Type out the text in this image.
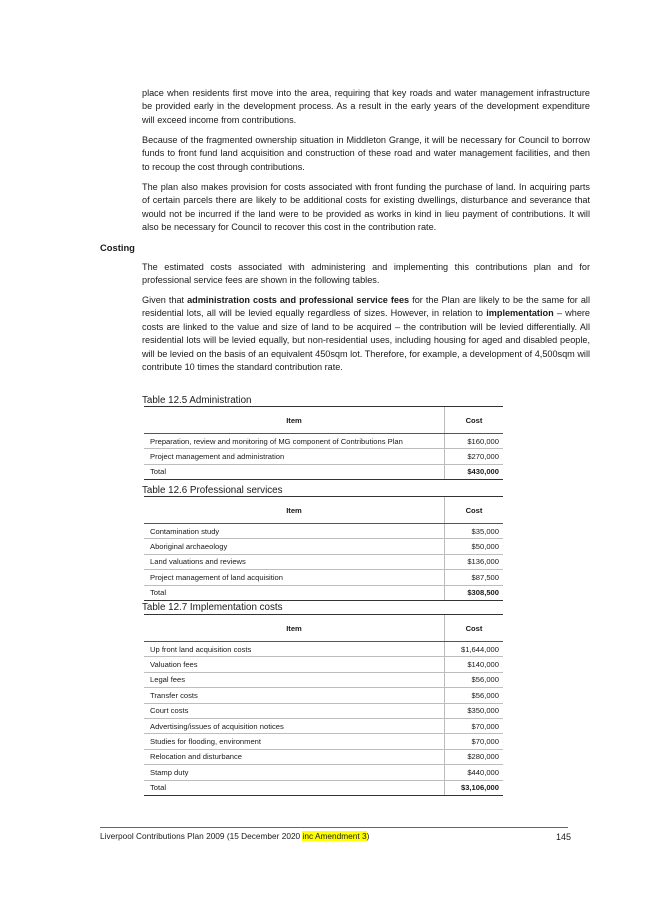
place when residents first move into the area, requiring that key roads and water management infrastructure be provided early in the development process. As a result in the early years of the development expenditure will exceed income from contributions.

Because of the fragmented ownership situation in Middleton Grange, it will be necessary for Council to borrow funds to front fund land acquisition and construction of these road and water management facilities, and then to recoup the cost through contributions.

The plan also makes provision for costs associated with front funding the purchase of land. In acquiring parts of certain parcels there are likely to be additional costs for existing dwellings, disturbance and severance that would not be incurred if the land were to be provided as works in kind in lieu payment of contributions. It will also be necessary for Council to recover this cost in the contribution rate.

Costing

The estimated costs associated with administering and implementing this contributions plan and for professional service fees are shown in the following tables.

Given that administration costs and professional service fees for the Plan are likely to be the same for all residential lots, all will be levied equally regardless of sizes. However, in relation to implementation – where costs are linked to the value and size of land to be acquired – the contribution will be levied differentially. All residential lots will be levied equally, but non-residential uses, including housing for aged and disabled people, will be levied on the basis of an equivalent 450sqm lot. Therefore, for example, a development of 4,500sqm will contribute 10 times the standard contribution rate.

Table 12.5 Administration
Item	Cost
Preparation, review and monitoring of MG component of Contributions Plan	$160,000
Project management and administration	$270,000
Total	$430,000
Table 12.6 Professional services
Item	Cost
Contamination study	$35,000
Aboriginal archaeology	$50,000
Land valuations and reviews	$136,000
Project management of land acquisition	$87,500
Total	$308,500
Table 12.7 Implementation costs
Item	Cost
Up front land acquisition costs	$1,644,000
Valuation fees	$140,000
Legal fees	$56,000
Transfer costs	$56,000
Court costs	$350,000
Advertising/issues of acquisition notices	$70,000
Studies for flooding, environment	$70,000
Relocation and disturbance	$280,000
Stamp duty	$440,000
Total	$3,106,000
Liverpool Contributions Plan 2009 (15 December 2020 inc Amendment 3)	145
